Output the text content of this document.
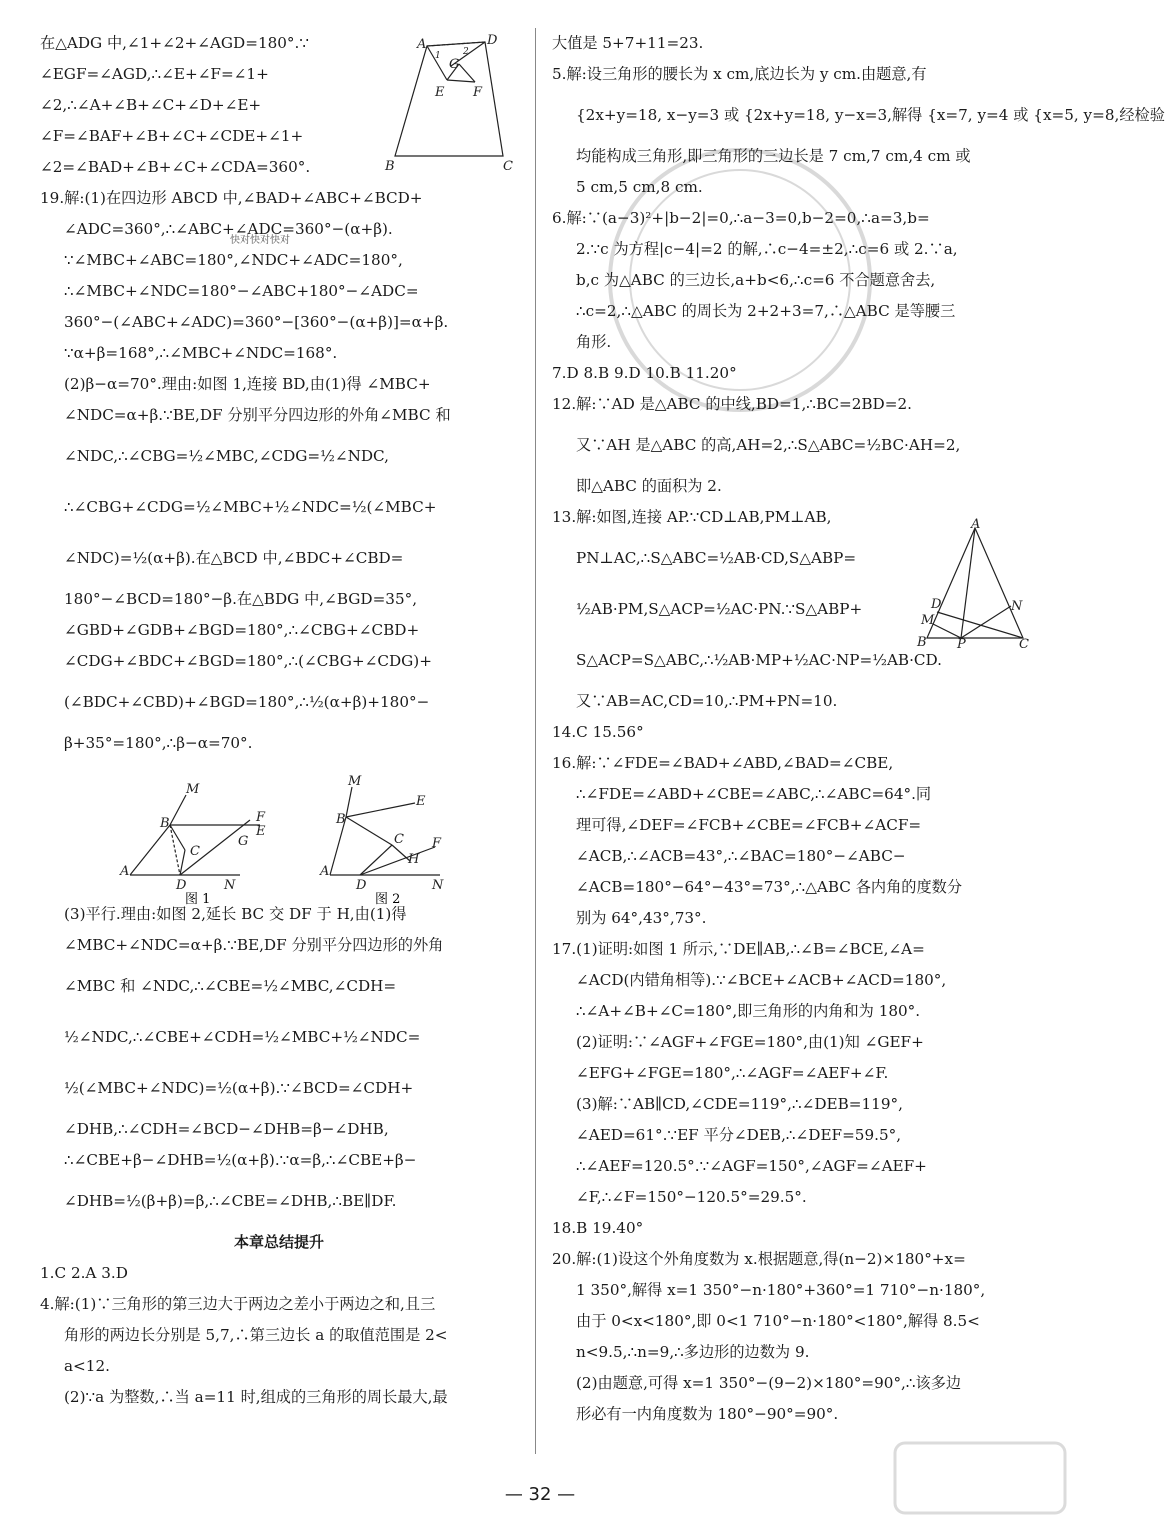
在△ADG 中,∠1+∠2+∠AGD=180°.∵
∠EGF=∠AGD,∴∠E+∠F=∠1+
∠2,∴∠A+∠B+∠C+∠D+∠E+
∠F=∠BAF+∠B+∠C+∠CDE+∠1+
∠2=∠BAD+∠B+∠C+∠CDA=360°.
19.解:(1)在四边形 ABCD 中,∠BAD+∠ABC+∠BCD+
∠ADC=360°,∴∠ABC+∠ADC=360°−(α+β).
∵∠MBC+∠ABC=180°,∠NDC+∠ADC=180°,
∴∠MBC+∠NDC=180°−∠ABC+180°−∠ADC=
360°−(∠ABC+∠ADC)=360°−[360°−(α+β)]=α+β.
∵α+β=168°,∴∠MBC+∠NDC=168°.
(2)β−α=70°.理由:如图 1,连接 BD,由(1)得 ∠MBC+
∠NDC=α+β.∵BE,DF 分别平分四边形的外角∠MBC 和
∠NDC,∴∠CBG=½∠MBC,∠CDG=½∠NDC,
∴∠CBG+∠CDG=½∠MBC+½∠NDC=½(∠MBC+
∠NDC)=½(α+β).在△BCD 中,∠BDC+∠CBD=
180°−∠BCD=180°−β.在△BDG 中,∠BGD=35°,
∠GBD+∠GDB+∠BGD=180°,∴∠CBG+∠CBD+
∠CDG+∠BDC+∠BGD=180°,∴(∠CBG+∠CDG)+
(∠BDC+∠CBD)+∠BGD=180°,∴½(α+β)+180°−
β+35°=180°,∴β−α=70°.
(3)平行.理由:如图 2,延长 BC 交 DF 于 H,由(1)得
∠MBC+∠NDC=α+β.∵BE,DF 分别平分四边形的外角
∠MBC 和 ∠NDC,∴∠CBE=½∠MBC,∠CDH=
½∠NDC,∴∠CBE+∠CDH=½∠MBC+½∠NDC=
½(∠MBC+∠NDC)=½(α+β).∵∠BCD=∠CDH+
∠DHB,∴∠CDH=∠BCD−∠DHB=β−∠DHB,
∴∠CBE+β−∠DHB=½(α+β).∵α=β,∴∠CBE+β−
∠DHB=½(β+β)=β,∴∠CBE=∠DHB,∴BE∥DF.
本章总结提升
1.C 2.A 3.D
4.解:(1)∵三角形的第三边大于两边之差小于两边之和,且三
角形的两边长分别是 5,7,∴第三边长 a 的取值范围是 2<
a<12.
(2)∵a 为整数,∴当 a=11 时,组成的三角形的周长最大,最
A	D
G
E F
B	C
1 2
A
B
M
C
D	N
G
F
E
图 1
A
B
M
C
D	N
H
F
E
图 2
快对快对快对
大值是 5+7+11=23.
5.解:设三角形的腰长为 x cm,底边长为 y cm.由题意,有
{2x+y=18, x−y=3 或 {2x+y=18, y−x=3,解得 {x=7, y=4 或 {x=5, y=8,经检验
均能构成三角形,即三角形的三边长是 7 cm,7 cm,4 cm 或
5 cm,5 cm,8 cm.
6.解:∵(a−3)²+|b−2|=0,∴a−3=0,b−2=0,∴a=3,b=
2.∵c 为方程|c−4|=2 的解,∴c−4=±2,∴c=6 或 2.∵a,
b,c 为△ABC 的三边长,a+b<6,∴c=6 不合题意舍去,
∴c=2,∴△ABC 的周长为 2+2+3=7,∴△ABC 是等腰三
角形.
7.D 8.B 9.D 10.B 11.20°
12.解:∵AD 是△ABC 的中线,BD=1,∴BC=2BD=2.
又∵AH 是△ABC 的高,AH=2,∴S△ABC=½BC·AH=2,
即△ABC 的面积为 2.
13.解:如图,连接 AP.∵CD⊥AB,PM⊥AB,
PN⊥AC,∴S△ABC=½AB·CD,S△ABP=
½AB·PM,S△ACP=½AC·PN.∵S△ABP+
S△ACP=S△ABC,∴½AB·MP+½AC·NP=½AB·CD.
又∵AB=AC,CD=10,∴PM+PN=10.
14.C 15.56°
16.解:∵∠FDE=∠BAD+∠ABD,∠BAD=∠CBE,
∴∠FDE=∠ABD+∠CBE=∠ABC,∴∠ABC=64°.同
理可得,∠DEF=∠FCB+∠CBE=∠FCB+∠ACF=
∠ACB,∴∠ACB=43°,∴∠BAC=180°−∠ABC−
∠ACB=180°−64°−43°=73°,∴△ABC 各内角的度数分
别为 64°,43°,73°.
17.(1)证明:如图 1 所示,∵DE∥AB,∴∠B=∠BCE,∠A=
∠ACD(内错角相等).∵∠BCE+∠ACB+∠ACD=180°,
∴∠A+∠B+∠C=180°,即三角形的内角和为 180°.
(2)证明:∵∠AGF+∠FGE=180°,由(1)知 ∠GEF+
∠EFG+∠FGE=180°,∴∠AGF=∠AEF+∠F.
(3)解:∵AB∥CD,∠CDE=119°,∴∠DEB=119°,
∠AED=61°.∵EF 平分∠DEB,∴∠DEF=59.5°,
∴∠AEF=120.5°.∵∠AGF=150°,∠AGF=∠AEF+
∠F,∴∠F=150°−120.5°=29.5°.
18.B 19.40°
20.解:(1)设这个外角度数为 x.根据题意,得(n−2)×180°+x=
1 350°,解得 x=1 350°−n·180°+360°=1 710°−n·180°,
由于 0<x<180°,即 0<1 710°−n·180°<180°,解得 8.5<
n<9.5,∴n=9,∴多边形的边数为 9.
(2)由题意,可得 x=1 350°−(9−2)×180°=90°,∴该多边
形必有一内角度数为 180°−90°=90°.
A
B	C
D
M
N
P
— 32 —
